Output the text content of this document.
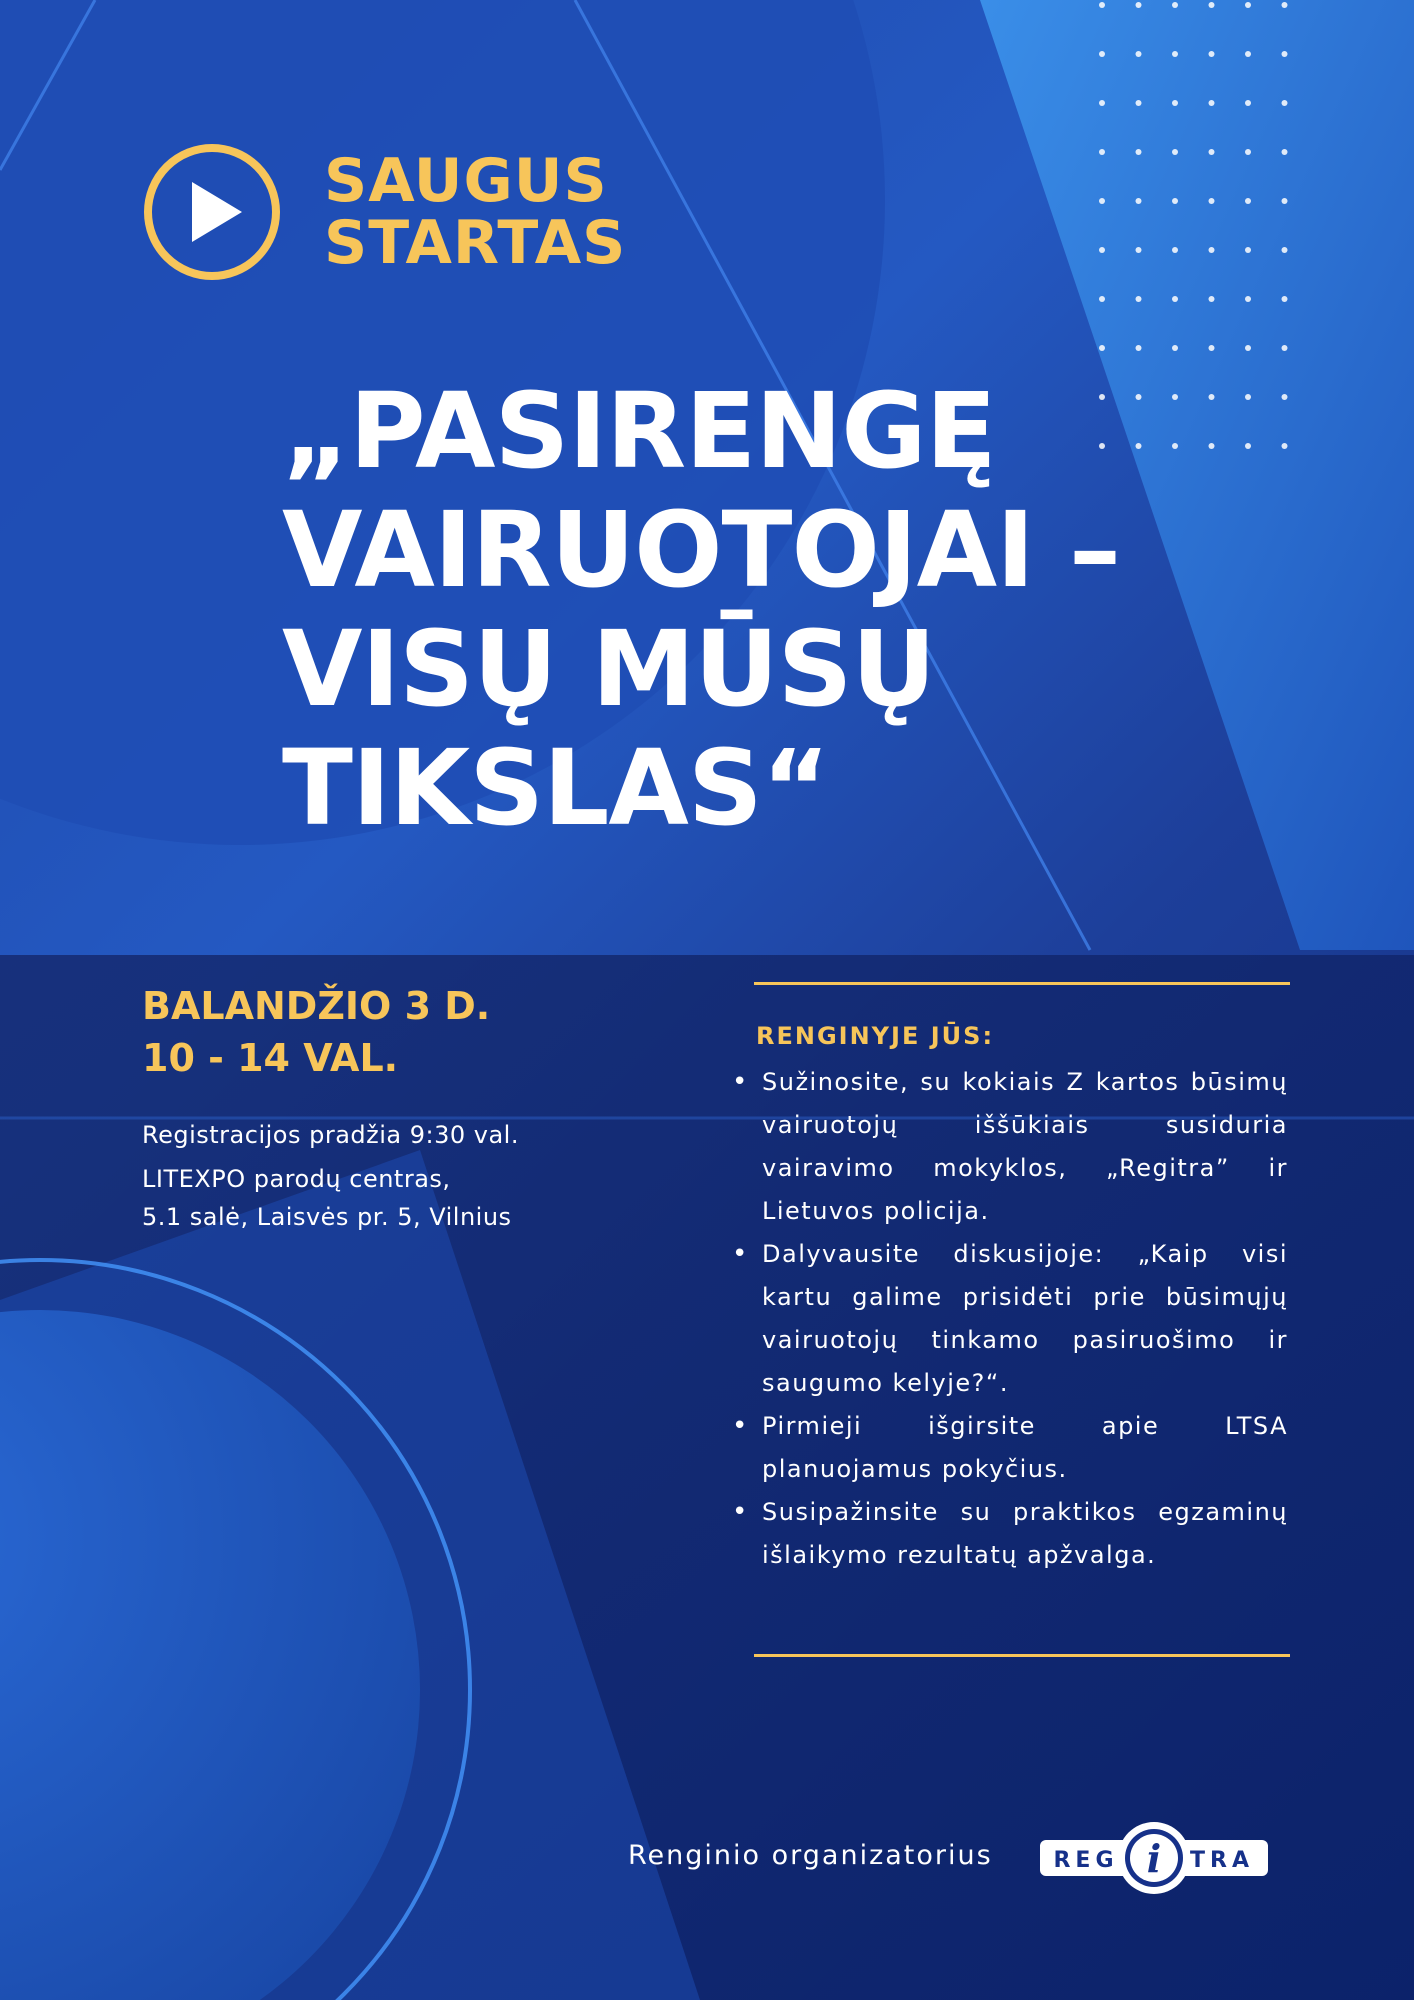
SAUGUS
STARTAS
„PASIRENGĘ
VAIRUOTOJAI –
VISŲ MŪSŲ
TIKSLAS“
BALANDŽIO 3 D.
10 - 14 VAL.
Registracijos pradžia 9:30 val.
LITEXPO parodų centras,
5.1 salė, Laisvės pr. 5, Vilnius
RENGINYJE JŪS:
• Sužinosite, su kokiais Z kartos būsimų vairuotojų iššūkiais susiduria vairavimo mokyklos, „Regitra” ir Lietuvos policija.
• Dalyvausite diskusijoje: „Kaip visi kartu galime prisidėti prie būsimųjų vairuotojų tinkamo pasiruošimo ir saugumo kelyje?“.
• Pirmieji išgirsite apie LTSA planuojamus pokyčius.
• Susipažinsite su praktikos egzaminų išlaikymo rezultatų apžvalga.
Renginio organizatorius	REG i TRA
